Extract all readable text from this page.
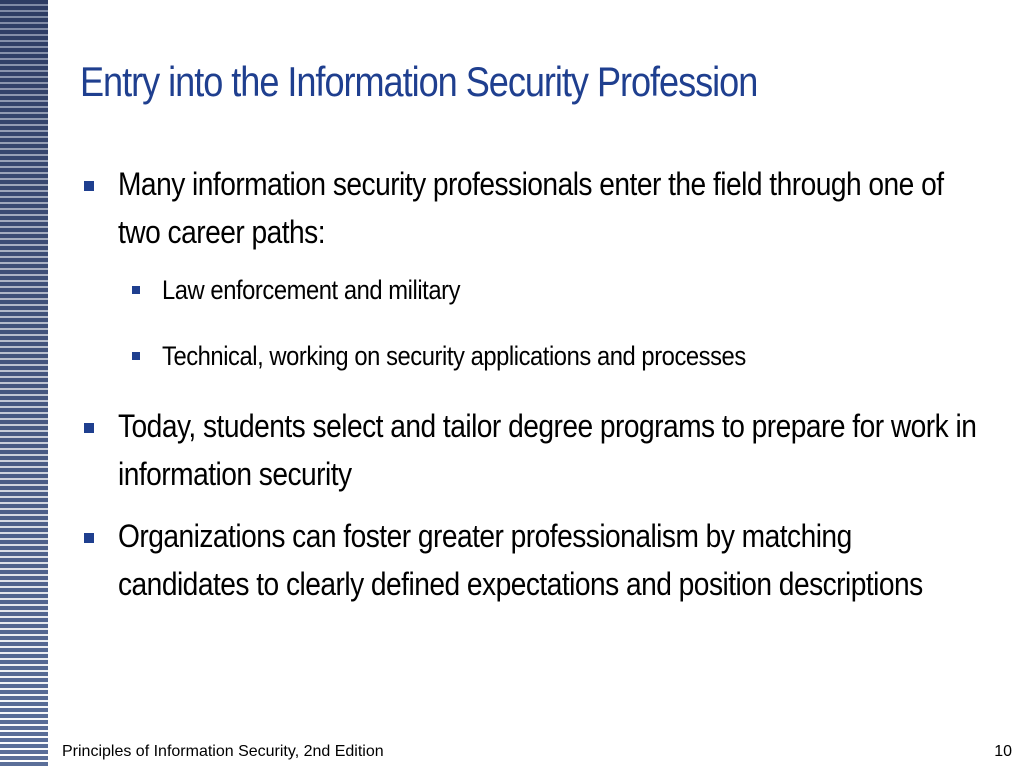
Entry into the Information Security Profession
Many information security professionals enter the field through one of two career paths:
Law enforcement and military
Technical, working on security applications and processes
Today, students select and tailor degree programs to prepare for work in information security
Organizations can foster greater professionalism by matching candidates to clearly defined expectations and position descriptions
Principles of Information Security, 2nd Edition	10
